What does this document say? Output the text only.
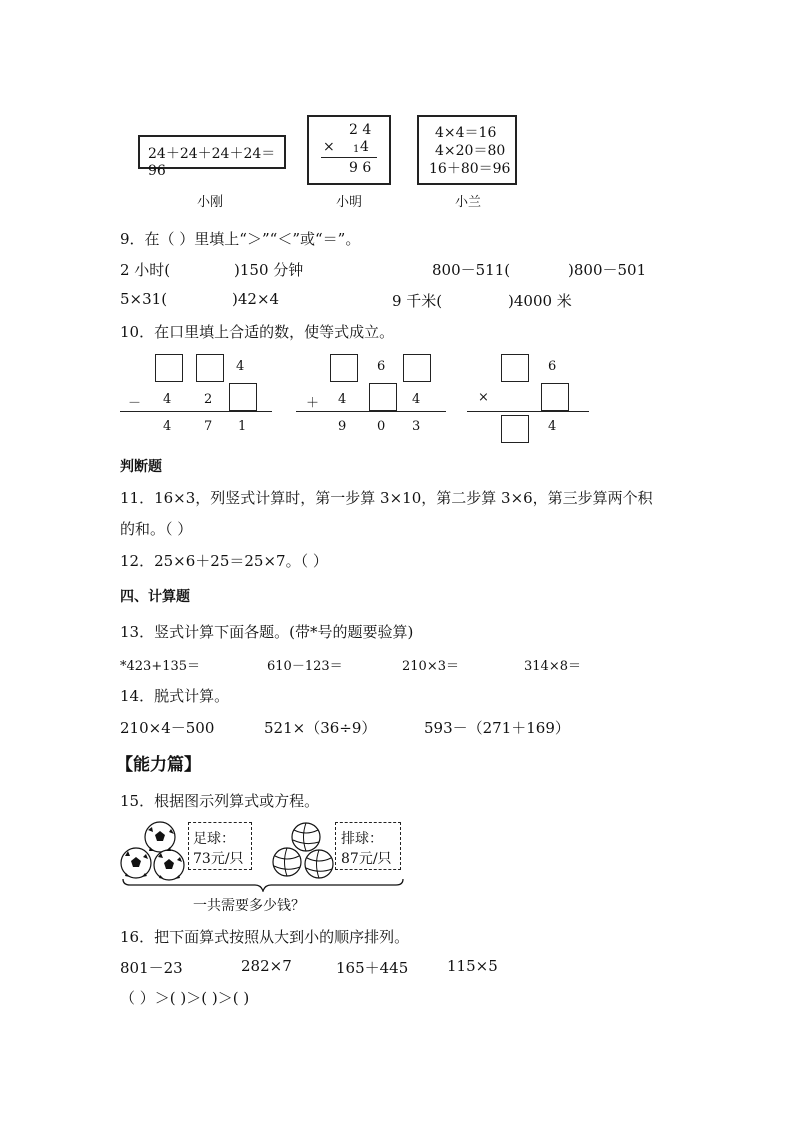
24＋24＋24＋24＝96
小刚
2 4
× 1 4
9 6
小明
4×4＝16
4×20＝80
16＋80＝96
小兰
9．在（ ）里填上“＞”“＜”或“＝”。
2 小时(	)150 分钟	800－511(	)800－501
5×31(	)42×4	9 千米(	)4000 米
10．在口里填上合适的数，使等式成立。
4
－ 4	2
4	7 1
6
＋ 4	4
9 0 3
6
×
4
判断题
11．16×3，列竖式计算时，第一步算 3×10，第二步算 3×6，第三步算两个积
的和。（ ）
12．25×6＋25＝25×7。（ ）
四、计算题
13．竖式计算下面各题。(带*号的题要验算)
*423+135＝	610－123＝	210×3＝	314×8＝
14．脱式计算。
210×4－500	521×（36÷9）	593－（271＋169）
【能力篇】
15．根据图示列算式或方程。
足球：
73元/只
排球：
87元/只
一共需要多少钱？
16．把下面算式按照从大到小的顺序排列。
801－23	282×7	165＋445	115×5
（ ）＞( )＞( )＞( )
